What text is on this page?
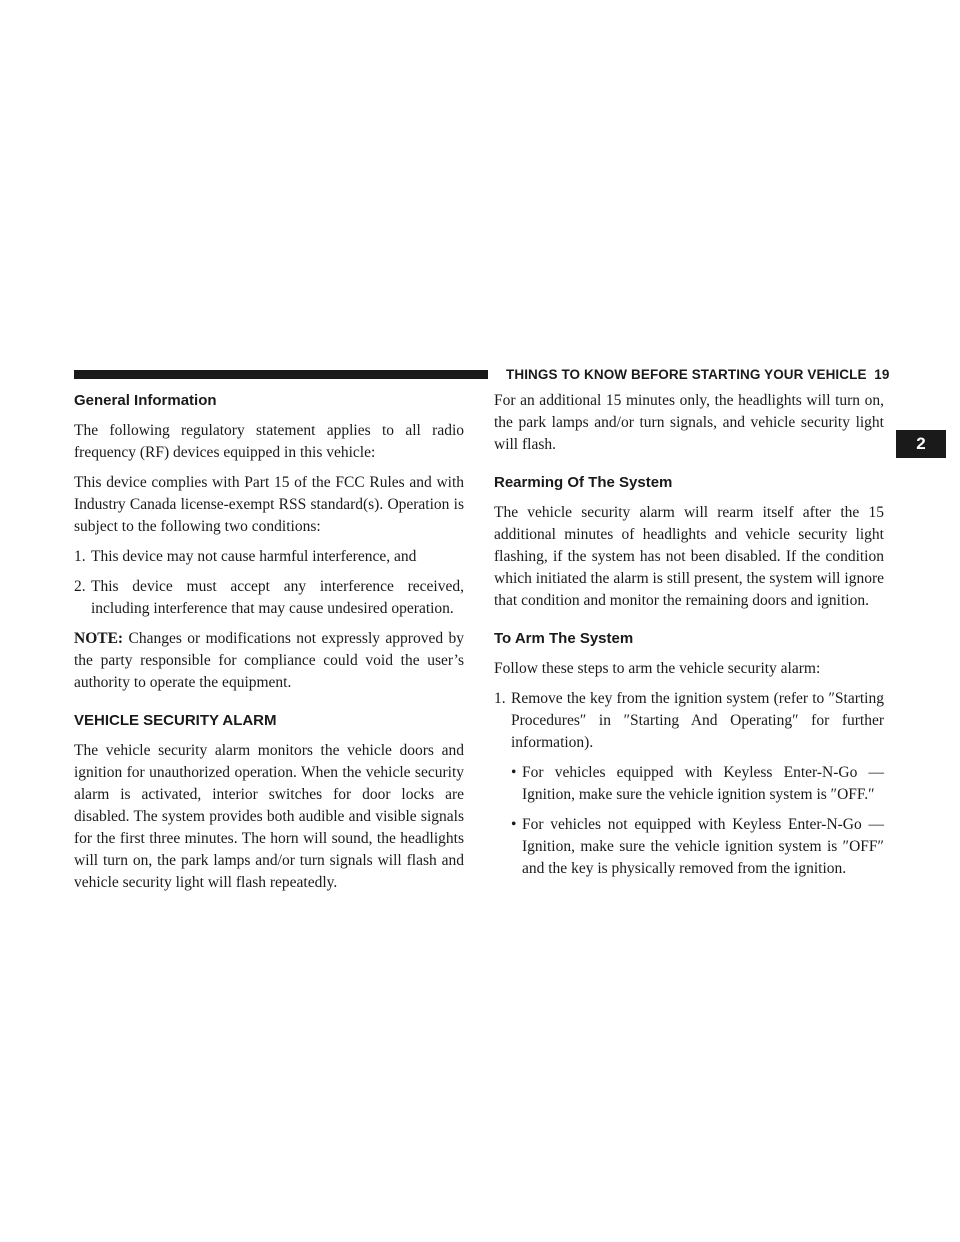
THINGS TO KNOW BEFORE STARTING YOUR VEHICLE 19
2
General Information

The following regulatory statement applies to all radio frequency (RF) devices equipped in this vehicle:

This device complies with Part 15 of the FCC Rules and with Industry Canada license-exempt RSS standard(s). Operation is subject to the following two conditions:

1. This device may not cause harmful interference, and
2. This device must accept any interference received, including interference that may cause undesired operation.

NOTE: Changes or modifications not expressly approved by the party responsible for compliance could void the user’s authority to operate the equipment.

VEHICLE SECURITY ALARM

The vehicle security alarm monitors the vehicle doors and ignition for unauthorized operation. When the vehicle security alarm is activated, interior switches for door locks are disabled. The system provides both audible and visible signals for the first three minutes. The horn will sound, the headlights will turn on, the park lamps and/or turn signals will flash and vehicle security light will flash repeatedly.

For an additional 15 minutes only, the headlights will turn on, the park lamps and/or turn signals, and vehicle security light will flash.

Rearming Of The System

The vehicle security alarm will rearm itself after the 15 additional minutes of headlights and vehicle security light flashing, if the system has not been disabled. If the condition which initiated the alarm is still present, the system will ignore that condition and monitor the remaining doors and ignition.

To Arm The System

Follow these steps to arm the vehicle security alarm:

1. Remove the key from the ignition system (refer to ″Starting Procedures″ in ″Starting And Operating″ for further information).
• For vehicles equipped with Keyless Enter-N-Go — Ignition, make sure the vehicle ignition system is ″OFF.″
• For vehicles not equipped with Keyless Enter-N-Go — Ignition, make sure the vehicle ignition system is ″OFF″ and the key is physically removed from the ignition.
